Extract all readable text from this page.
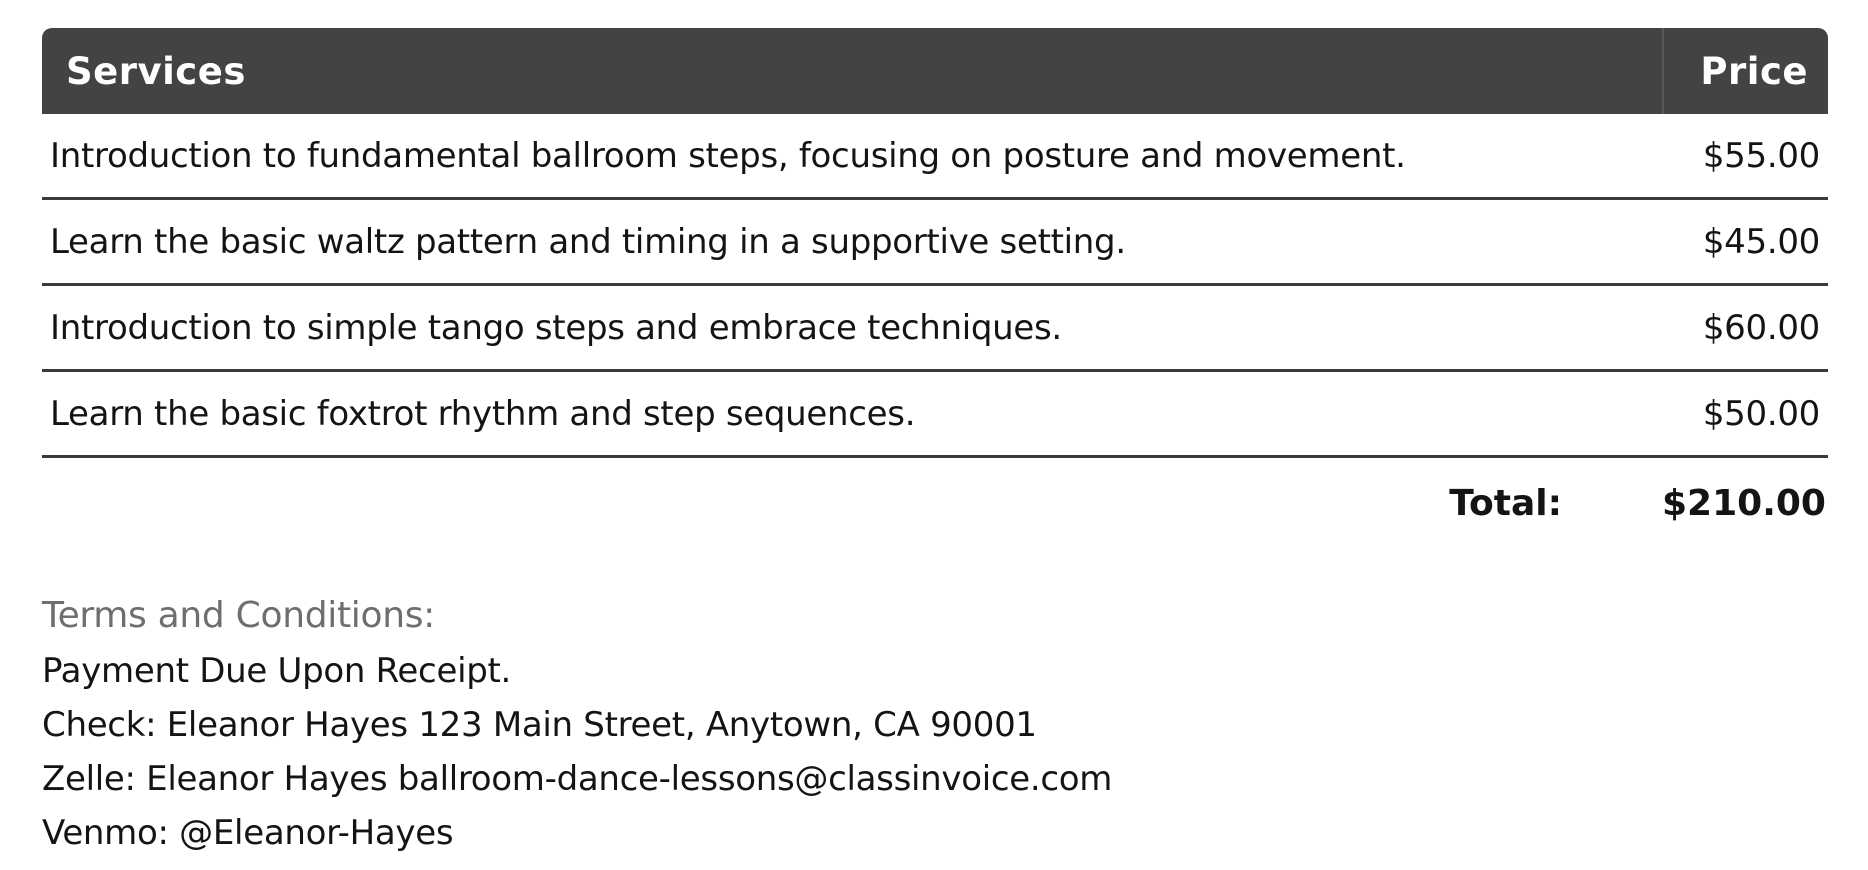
Services	Price
Introduction to fundamental ballroom steps, focusing on posture and movement.	$55.00
Learn the basic waltz pattern and timing in a supportive setting.	$45.00
Introduction to simple tango steps and embrace techniques.	$60.00
Learn the basic foxtrot rhythm and step sequences.	$50.00
Total:	$210.00
Terms and Conditions:
Payment Due Upon Receipt.
Check: Eleanor Hayes 123 Main Street, Anytown, CA 90001
Zelle: Eleanor Hayes ballroom-dance-lessons@classinvoice.com
Venmo: @Eleanor-Hayes
